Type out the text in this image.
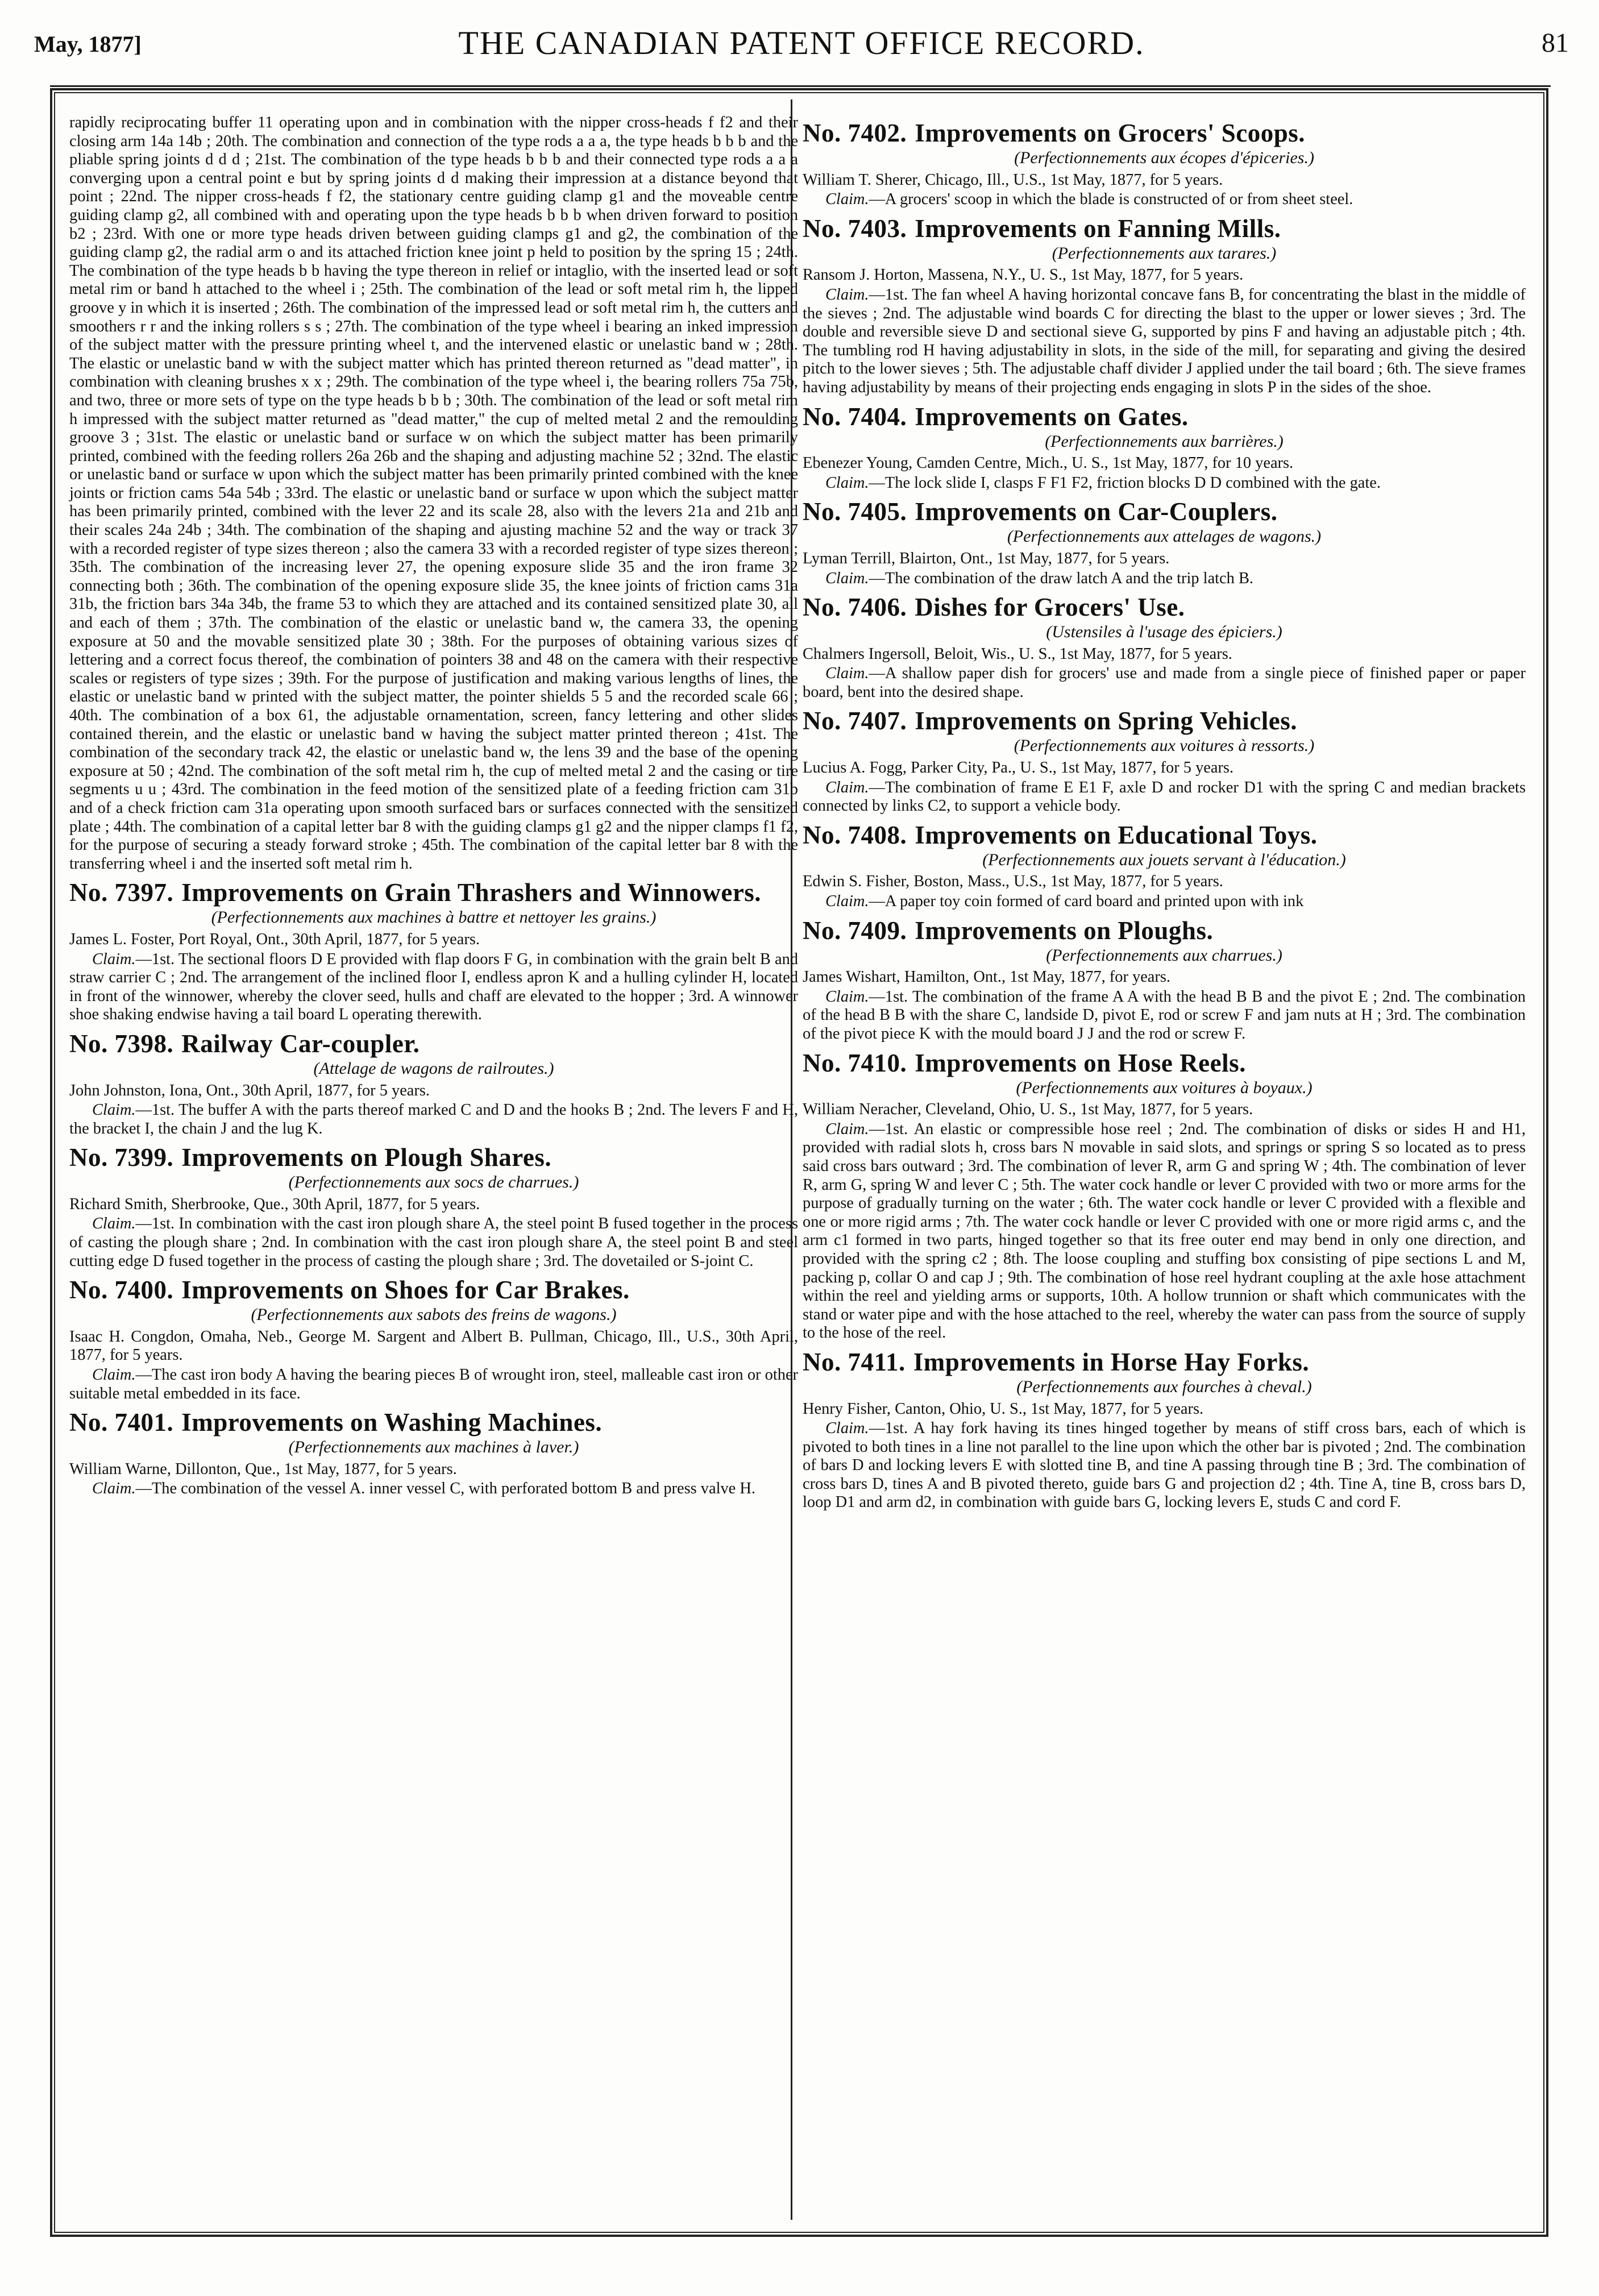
May, 1877]	THE CANADIAN PATENT OFFICE RECORD.	81

rapidly reciprocating buffer 11 operating upon and in combination with the nipper cross-heads f f2 and their closing arm 14a 14b ; 20th. The combination and connection of the type rods a a a, the type heads b b b and the pliable spring joints d d d ; 21st. The combination of the type heads b b b and their connected type rods a a a converging upon a central point e but by spring joints d d making their impression at a distance beyond that point ; 22nd. The nipper cross-heads f f2, the stationary centre guiding clamp g1 and the moveable centre guiding clamp g2, all combined with and operating upon the type heads b b b when driven forward to position b2 ; 23rd. With one or more type heads driven between guiding clamps g1 and g2, the combination of the guiding clamp g2, the radial arm o and its attached friction knee joint p held to position by the spring 15 ; 24th. The combination of the type heads b b having the type thereon in relief or intaglio, with the inserted lead or soft metal rim or band h attached to the wheel i ; 25th. The combination of the lead or soft metal rim h, the lipped groove y in which it is inserted ; 26th. The combination of the impressed lead or soft metal rim h, the cutters and smoothers r r and the inking rollers s s ; 27th. The combination of the type wheel i bearing an inked impression of the subject matter with the pressure printing wheel t, and the intervened elastic or unelastic band w ; 28th. The elastic or unelastic band w with the subject matter which has printed thereon returned as "dead matter", in combination with cleaning brushes x x ; 29th. The combination of the type wheel i, the bearing rollers 75a 75b, and two, three or more sets of type on the type heads b b b ; 30th. The combination of the lead or soft metal rim h impressed with the subject matter returned as "dead matter," the cup of melted metal 2 and the remoulding groove 3 ; 31st. The elastic or unelastic band or surface w on which the subject matter has been primarily printed, combined with the feeding rollers 26a 26b and the shaping and adjusting machine 52 ; 32nd. The elastic or unelastic band or surface w upon which the subject matter has been primarily printed combined with the knee joints or friction cams 54a 54b ; 33rd. The elastic or unelastic band or surface w upon which the subject matter has been primarily printed, combined with the lever 22 and its scale 28, also with the levers 21a and 21b and their scales 24a 24b ; 34th. The combination of the shaping and ajusting machine 52 and the way or track 37 with a recorded register of type sizes thereon ; also the camera 33 with a recorded register of type sizes thereon ; 35th. The combination of the increasing lever 27, the opening exposure slide 35 and the iron frame 32 connecting both ; 36th. The combination of the opening exposure slide 35, the knee joints of friction cams 31a 31b, the friction bars 34a 34b, the frame 53 to which they are attached and its contained sensitized plate 30, all and each of them ; 37th. The combination of the elastic or unelastic band w, the camera 33, the opening exposure at 50 and the movable sensitized plate 30 ; 38th. For the purposes of obtaining various sizes of lettering and a correct focus thereof, the combination of pointers 38 and 48 on the camera with their respective scales or registers of type sizes ; 39th. For the purpose of justification and making various lengths of lines, the elastic or unelastic band w printed with the subject matter, the pointer shields 5 5 and the recorded scale 66 ; 40th. The combination of a box 61, the adjustable ornamentation, screen, fancy lettering and other slides contained therein, and the elastic or unelastic band w having the subject matter printed thereon ; 41st. The combination of the secondary track 42, the elastic or unelastic band w, the lens 39 and the base of the opening exposure at 50 ; 42nd. The combination of the soft metal rim h, the cup of melted metal 2 and the casing or tire segments u u ; 43rd. The combination in the feed motion of the sensitized plate of a feeding friction cam 31b and of a check friction cam 31a operating upon smooth surfaced bars or surfaces connected with the sensitized plate ; 44th. The combination of a capital letter bar 8 with the guiding clamps g1 g2 and the nipper clamps f1 f2, for the purpose of securing a steady forward stroke ; 45th. The combination of the capital letter bar 8 with the transferring wheel i and the inserted soft metal rim h.

No. 7397. Improvements on Grain Thrashers and Winnowers.

(Perfectionnements aux machines à battre et nettoyer les grains.)

James L. Foster, Port Royal, Ont., 30th April, 1877, for 5 years.

Claim.—1st. The sectional floors D E provided with flap doors F G, in combination with the grain belt B and straw carrier C ; 2nd. The arrangement of the inclined floor I, endless apron K and a hulling cylinder H, located in front of the winnower, whereby the clover seed, hulls and chaff are elevated to the hopper ; 3rd. A winnower shoe shaking endwise having a tail board L operating therewith.

No. 7398. Railway Car-coupler.

(Attelage de wagons de railroutes.)

John Johnston, Iona, Ont., 30th April, 1877, for 5 years.

Claim.—1st. The buffer A with the parts thereof marked C and D and the hooks B ; 2nd. The levers F and H, the bracket I, the chain J and the lug K.

No. 7399. Improvements on Plough Shares.

(Perfectionnements aux socs de charrues.)

Richard Smith, Sherbrooke, Que., 30th April, 1877, for 5 years.

Claim.—1st. In combination with the cast iron plough share A, the steel point B fused together in the process of casting the plough share ; 2nd. In combination with the cast iron plough share A, the steel point B and steel cutting edge D fused together in the process of casting the plough share ; 3rd. The dovetailed or S-joint C.

No. 7400. Improvements on Shoes for Car Brakes.

(Perfectionnements aux sabots des freins de wagons.)

Isaac H. Congdon, Omaha, Neb., George M. Sargent and Albert B. Pullman, Chicago, Ill., U.S., 30th April, 1877, for 5 years.

Claim.—The cast iron body A having the bearing pieces B of wrought iron, steel, malleable cast iron or other suitable metal embedded in its face.

No. 7401. Improvements on Washing Machines.

(Perfectionnements aux machines à laver.)

William Warne, Dillonton, Que., 1st May, 1877, for 5 years.

Claim.—The combination of the vessel A. inner vessel C, with perforated bottom B and press valve H.

No. 7402. Improvements on Grocers' Scoops.

(Perfectionnements aux écopes d'épiceries.)

William T. Sherer, Chicago, Ill., U.S., 1st May, 1877, for 5 years.

Claim.—A grocers' scoop in which the blade is constructed of or from sheet steel.

No. 7403. Improvements on Fanning Mills.

(Perfectionnements aux tarares.)

Ransom J. Horton, Massena, N.Y., U. S., 1st May, 1877, for 5 years.

Claim.—1st. The fan wheel A having horizontal concave fans B, for concentrating the blast in the middle of the sieves ; 2nd. The adjustable wind boards C for directing the blast to the upper or lower sieves ; 3rd. The double and reversible sieve D and sectional sieve G, supported by pins F and having an adjustable pitch ; 4th. The tumbling rod H having adjustability in slots, in the side of the mill, for separating and giving the desired pitch to the lower sieves ; 5th. The adjustable chaff divider J applied under the tail board ; 6th. The sieve frames having adjustability by means of their projecting ends engaging in slots P in the sides of the shoe.

No. 7404. Improvements on Gates.

(Perfectionnements aux barrières.)

Ebenezer Young, Camden Centre, Mich., U. S., 1st May, 1877, for 10 years.

Claim.—The lock slide I, clasps F F1 F2, friction blocks D D combined with the gate.

No. 7405. Improvements on Car-Couplers.

(Perfectionnements aux attelages de wagons.)

Lyman Terrill, Blairton, Ont., 1st May, 1877, for 5 years.

Claim.—The combination of the draw latch A and the trip latch B.

No. 7406. Dishes for Grocers' Use.

(Ustensiles à l'usage des épiciers.)

Chalmers Ingersoll, Beloit, Wis., U. S., 1st May, 1877, for 5 years.

Claim.—A shallow paper dish for grocers' use and made from a single piece of finished paper or paper board, bent into the desired shape.

No. 7407. Improvements on Spring Vehicles.

(Perfectionnements aux voitures à ressorts.)

Lucius A. Fogg, Parker City, Pa., U. S., 1st May, 1877, for 5 years.

Claim.—The combination of frame E E1 F, axle D and rocker D1 with the spring C and median brackets connected by links C2, to support a vehicle body.

No. 7408. Improvements on Educational Toys.

(Perfectionnements aux jouets servant à l'éducation.)

Edwin S. Fisher, Boston, Mass., U.S., 1st May, 1877, for 5 years.

Claim.—A paper toy coin formed of card board and printed upon with ink

No. 7409. Improvements on Ploughs.

(Perfectionnements aux charrues.)

James Wishart, Hamilton, Ont., 1st May, 1877, for years.

Claim.—1st. The combination of the frame A A with the head B B and the pivot E ; 2nd. The combination of the head B B with the share C, landside D, pivot E, rod or screw F and jam nuts at H ; 3rd. The combination of the pivot piece K with the mould board J J and the rod or screw F.

No. 7410. Improvements on Hose Reels.

(Perfectionnements aux voitures à boyaux.)

William Neracher, Cleveland, Ohio, U. S., 1st May, 1877, for 5 years.

Claim.—1st. An elastic or compressible hose reel ; 2nd. The combination of disks or sides H and H1, provided with radial slots h, cross bars N movable in said slots, and springs or spring S so located as to press said cross bars outward ; 3rd. The combination of lever R, arm G and spring W ; 4th. The combination of lever R, arm G, spring W and lever C ; 5th. The water cock handle or lever C provided with two or more arms for the purpose of gradually turning on the water ; 6th. The water cock handle or lever C provided with a flexible and one or more rigid arms ; 7th. The water cock handle or lever C provided with one or more rigid arms c, and the arm c1 formed in two parts, hinged together so that its free outer end may bend in only one direction, and provided with the spring c2 ; 8th. The loose coupling and stuffing box consisting of pipe sections L and M, packing p, collar O and cap J ; 9th. The combination of hose reel hydrant coupling at the axle hose attachment within the reel and yielding arms or supports, 10th. A hollow trunnion or shaft which communicates with the stand or water pipe and with the hose attached to the reel, whereby the water can pass from the source of supply to the hose of the reel.

No. 7411. Improvements in Horse Hay Forks.

(Perfectionnements aux fourches à cheval.)

Henry Fisher, Canton, Ohio, U. S., 1st May, 1877, for 5 years.

Claim.—1st. A hay fork having its tines hinged together by means of stiff cross bars, each of which is pivoted to both tines in a line not parallel to the line upon which the other bar is pivoted ; 2nd. The combination of bars D and locking levers E with slotted tine B, and tine A passing through tine B ; 3rd. The combination of cross bars D, tines A and B pivoted thereto, guide bars G and projection d2 ; 4th. Tine A, tine B, cross bars D, loop D1 and arm d2, in combination with guide bars G, locking levers E, studs C and cord F.
